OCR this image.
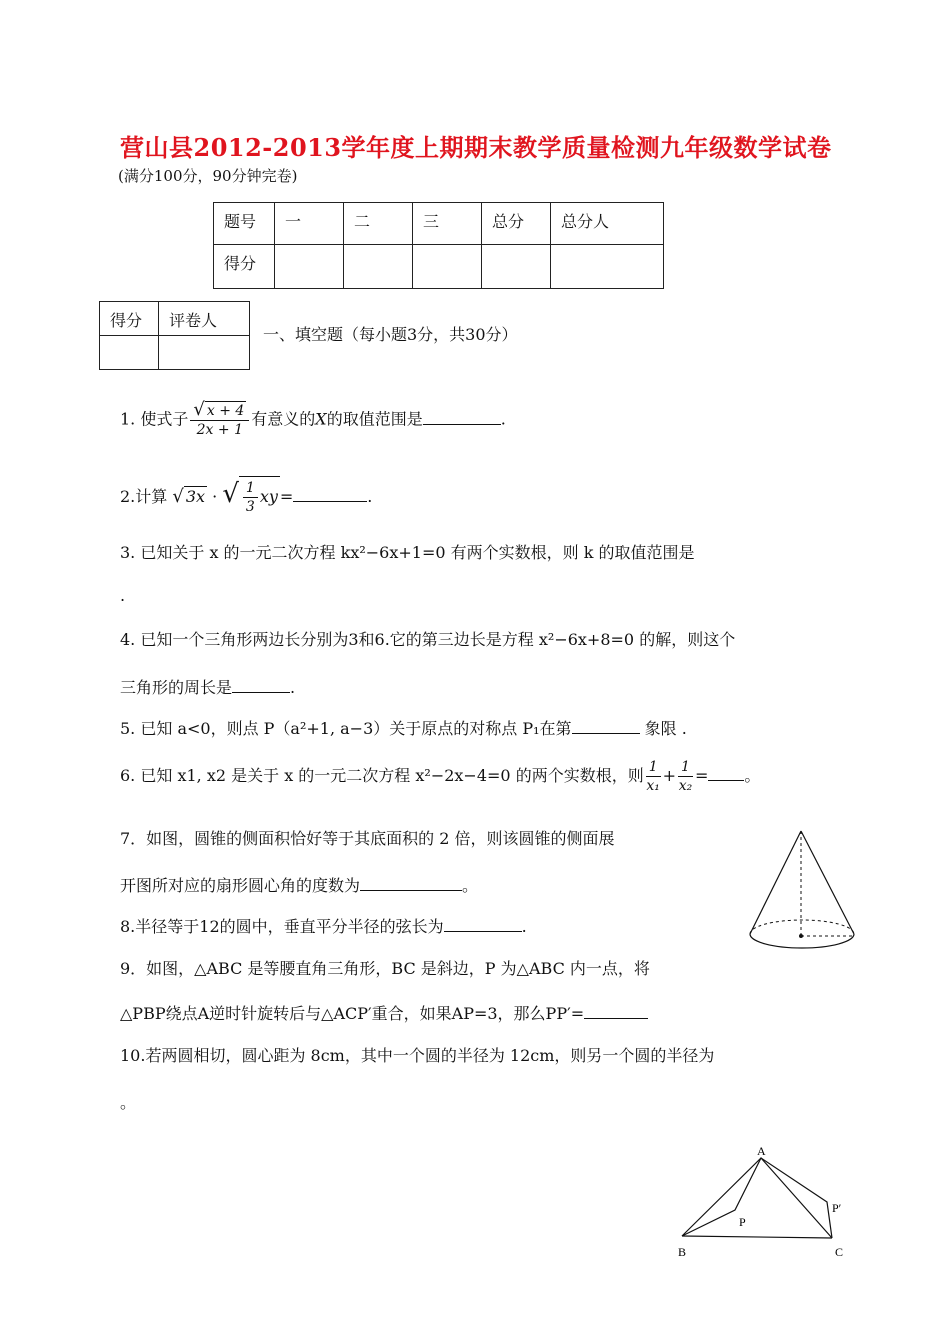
营山县2012-2013学年度上期期末教学质量检测九年级数学试卷
(满分100分，90分钟完卷)
题号	一	二	三	总分	总分人
得分					
得分	评卷人

一、填空题（每小题3分，共30分）
1. 使式子 $\frac{√ x + 4}{2x + 1}$ 有意义的X的取值范围是	.
2.计算 √ 3x · √ $\frac{1}{3}$ xy =	.
3. 已知关于 x 的一元二次方程 kx²−6x+1=0 有两个实数根，则 k 的取值范围是
.
4. 已知一个三角形两边长分别为3和6.它的第三边长是方程 x²−6x+8=0 的解，则这个
三角形的周长是	.
5. 已知 a<0，则点 P（a²+1, a−3）关于原点的对称点 P₁在第	象限 .
6. 已知 x1, x2 是关于 x 的一元二次方程 x²−2x−4=0 的两个实数根，则 $\frac{1}{\text{x₁}} + \frac{1}{\text{x₂}}$ = 。
7．如图，圆锥的侧面积恰好等于其底面积的 2 倍，则该圆锥的侧面展
开图所对应的扇形圆心角的度数为	。
8.半径等于12的圆中，垂直平分半径的弦长为	.
9．如图，△ABC 是等腰直角三角形，BC 是斜边，P 为△ABC 内一点，将
△PBP绕点A逆时针旋转后与△ACP′重合，如果AP=3，那么PP′=
10.若两圆相切，圆心距为 8cm，其中一个圆的半径为 12cm，则另一个圆的半径为
。
A
B	C
P
P′
